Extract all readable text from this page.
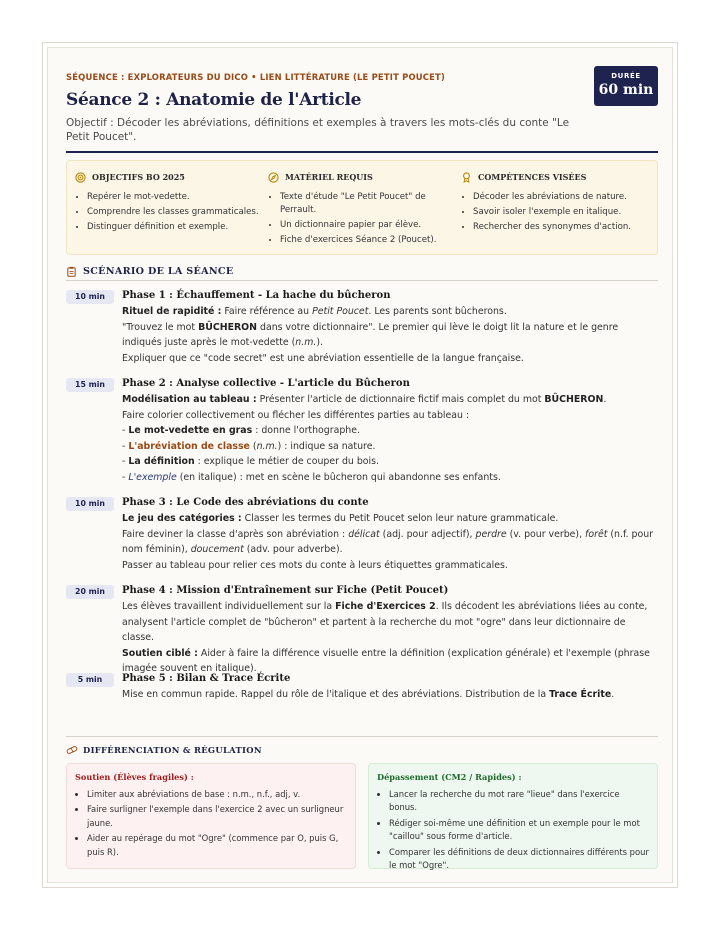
SÉQUENCE : EXPLORATEURS DU DICO • LIEN LITTÉRATURE (LE PETIT POUCET)
Séance 2 : Anatomie de l'Article
Objectif : Décoder les abréviations, définitions et exemples à travers les mots-clés du conte "Le Petit Poucet".
DURÉE
60 min
OBJECTIFS BO 2025
• Repérer le mot-vedette.
• Comprendre les classes grammaticales.
• Distinguer définition et exemple.
MATÉRIEL REQUIS
• Texte d'étude "Le Petit Poucet" de Perrault.
• Un dictionnaire papier par élève.
• Fiche d'exercices Séance 2 (Poucet).
COMPÉTENCES VISÉES
• Décoder les abréviations de nature.
• Savoir isoler l'exemple en italique.
• Rechercher des synonymes d'action.
SCÉNARIO DE LA SÉANCE
10 min	Phase 1 : Échauffement - La hache du bûcheron
Rituel de rapidité : Faire référence au Petit Poucet. Les parents sont bûcherons.
"Trouvez le mot BÛCHERON dans votre dictionnaire". Le premier qui lève le doigt lit la nature et le genre indiqués juste après le mot-vedette (n.m.).
Expliquer que ce "code secret" est une abréviation essentielle de la langue française.
15 min	Phase 2 : Analyse collective - L'article du Bûcheron
Modélisation au tableau : Présenter l'article de dictionnaire fictif mais complet du mot BÛCHERON.
Faire colorier collectivement ou flécher les différentes parties au tableau :
- Le mot-vedette en gras : donne l'orthographe.
- L'abréviation de classe (n.m.) : indique sa nature.
- La définition : explique le métier de couper du bois.
- L'exemple (en italique) : met en scène le bûcheron qui abandonne ses enfants.
10 min	Phase 3 : Le Code des abréviations du conte
Le jeu des catégories : Classer les termes du Petit Poucet selon leur nature grammaticale.
Faire deviner la classe d'après son abréviation : délicat (adj. pour adjectif), perdre (v. pour verbe), forêt (n.f. pour nom féminin), doucement (adv. pour adverbe).
Passer au tableau pour relier ces mots du conte à leurs étiquettes grammaticales.
20 min	Phase 4 : Mission d'Entraînement sur Fiche (Petit Poucet)
Les élèves travaillent individuellement sur la Fiche d'Exercices 2. Ils décodent les abréviations liées au conte, analysent l'article complet de "bûcheron" et partent à la recherche du mot "ogre" dans leur dictionnaire de classe.
Soutien ciblé : Aider à faire la différence visuelle entre la définition (explication générale) et l'exemple (phrase imagée souvent en italique).
5 min	Phase 5 : Bilan & Trace Écrite
Mise en commun rapide. Rappel du rôle de l'italique et des abréviations. Distribution de la Trace Écrite.
DIFFÉRENCIATION & RÉGULATION
Soutien (Élèves fragiles) :
• Limiter aux abréviations de base : n.m., n.f., adj, v.
• Faire surligner l'exemple dans l'exercice 2 avec un surligneur jaune.
• Aider au repérage du mot "Ogre" (commence par O, puis G, puis R).
Dépassement (CM2 / Rapides) :
• Lancer la recherche du mot rare "lieue" dans l'exercice bonus.
• Rédiger soi-même une définition et un exemple pour le mot "caillou" sous forme d'article.
• Comparer les définitions de deux dictionnaires différents pour le mot "Ogre".
